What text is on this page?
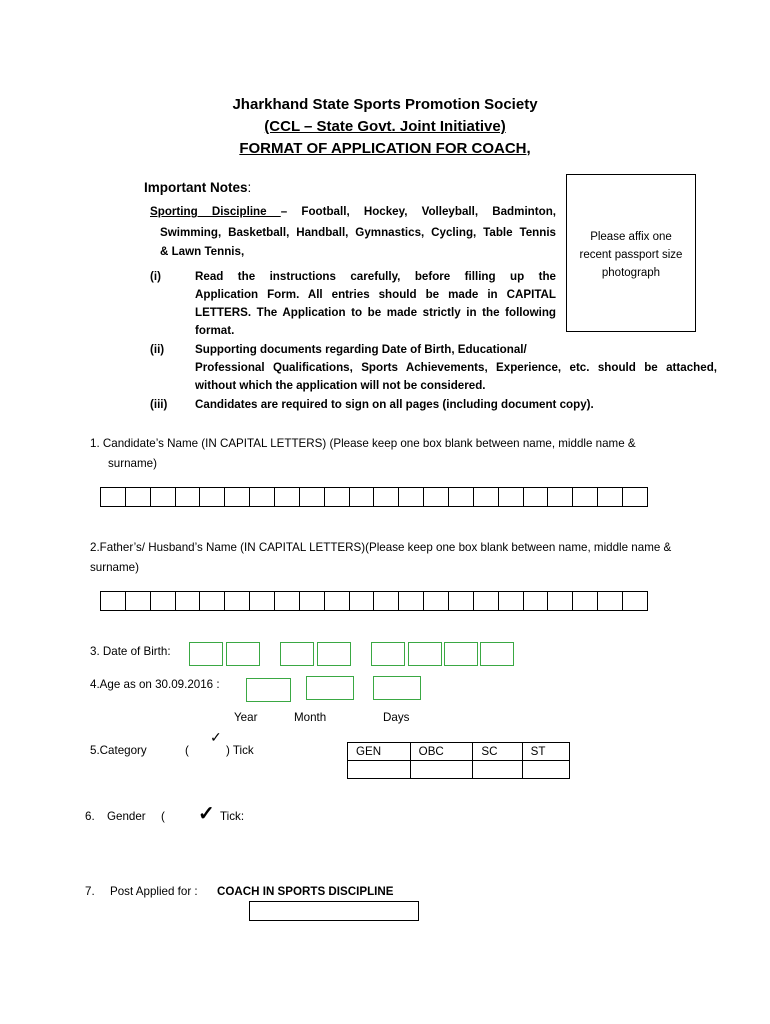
Jharkhand State Sports Promotion Society
(CCL – State Govt. Joint Initiative)
FORMAT OF APPLICATION FOR COACH,
Important Notes:
Sporting Discipline – Football, Hockey, Volleyball, Badminton,
Swimming, Basketball, Handball, Gymnastics, Cycling, Table Tennis
& Lawn Tennis,
(i)	Read the instructions carefully, before filling up the
Application Form. All entries should be made in CAPITAL
LETTERS. The Application to be made strictly in the following
format.
(ii)	Supporting documents regarding Date of Birth, Educational/
Professional Qualifications, Sports Achievements, Experience, etc. should be attached,
without which the application will not be considered.
(iii) Candidates are required to sign on all pages (including document copy).
Please affix one
recent passport size
photograph
1. Candidate’s Name (IN CAPITAL LETTERS) (Please keep one box blank between name, middle name &
surname)
2.Father’s/ Husband’s Name (IN CAPITAL LETTERS)(Please keep one box blank between name, middle name &
surname)
3. Date of Birth:
4.Age as on 30.09.2016 :
Year	Month	Days
5.Category	(
✓
) Tick	GEN	OBC	SC	ST

6. Gender ( ✓ Tick:
7. Post Applied for : COACH IN SPORTS DISCIPLINE
